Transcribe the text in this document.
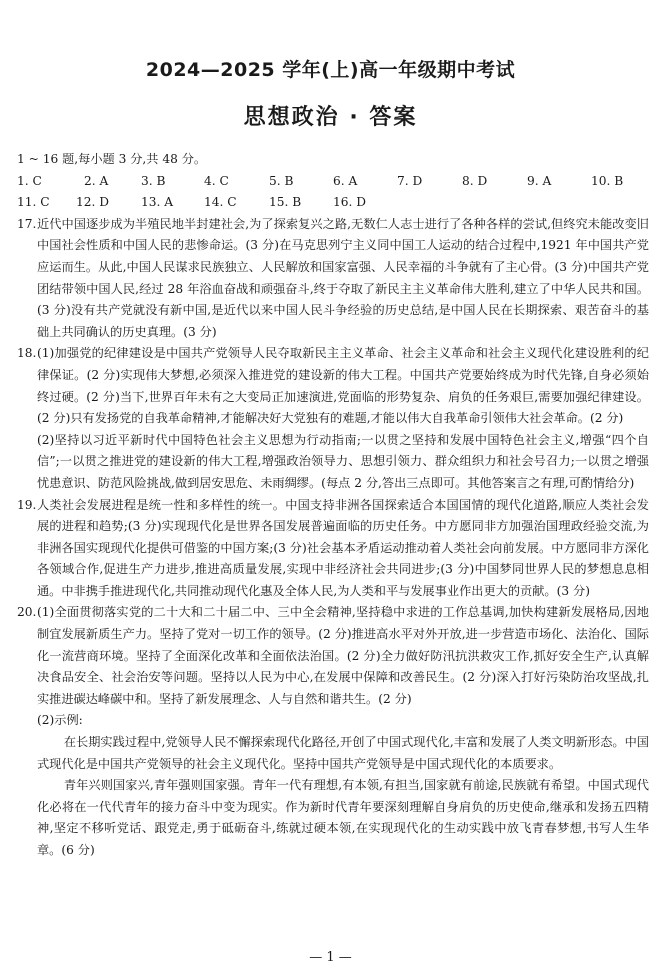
2024—2025 学年(上)高一年级期中考试
思想政治 · 答案
1 ~ 16 题,每小题 3 分,共 48 分。
1. C	2. A	3. B	4. C	5. B	6. A	7. D	8. D	9. A	10. B
11. C 12. D	13. A	14. C	15. B	16. D
17. 近代中国逐步成为半殖民地半封建社会,为了探索复兴之路,无数仁人志士进行了各种各样的尝试,但终究未能改变旧中国社会性质和中国人民的悲惨命运。(3 分)在马克思列宁主义同中国工人运动的结合过程中,1921 年中国共产党应运而生。从此,中国人民谋求民族独立、人民解放和国家富强、人民幸福的斗争就有了主心骨。(3 分)中国共产党团结带领中国人民,经过 28 年浴血奋战和顽强奋斗,终于夺取了新民主主义革命伟大胜利,建立了中华人民共和国。(3 分)没有共产党就没有新中国,是近代以来中国人民斗争经验的历史总结,是中国人民在长期探索、艰苦奋斗的基础上共同确认的历史真理。(3 分)

18. (1)加强党的纪律建设是中国共产党领导人民夺取新民主主义革命、社会主义革命和社会主义现代化建设胜利的纪律保证。(2 分)实现伟大梦想,必须深入推进党的建设新的伟大工程。中国共产党要始终成为时代先锋,自身必须始终过硬。(2 分)当下,世界百年未有之大变局正加速演进,党面临的形势复杂、肩负的任务艰巨,需要加强纪律建设。(2 分)只有发扬党的自我革命精神,才能解决好大党独有的难题,才能以伟大自我革命引领伟大社会革命。(2 分)

(2)坚持以习近平新时代中国特色社会主义思想为行动指南;一以贯之坚持和发展中国特色社会主义,增强“四个自信”;一以贯之推进党的建设新的伟大工程,增强政治领导力、思想引领力、群众组织力和社会号召力;一以贯之增强忧患意识、防范风险挑战,做到居安思危、未雨绸缪。(每点 2 分,答出三点即可。其他答案言之有理,可酌情给分)

19. 人类社会发展进程是统一性和多样性的统一。中国支持非洲各国探索适合本国国情的现代化道路,顺应人类社会发展的进程和趋势;(3 分)实现现代化是世界各国发展普遍面临的历史任务。中方愿同非方加强治国理政经验交流,为非洲各国实现现代化提供可借鉴的中国方案;(3 分)社会基本矛盾运动推动着人类社会向前发展。中方愿同非方深化各领域合作,促进生产力进步,推进高质量发展,实现中非经济社会共同进步;(3 分)中国梦同世界人民的梦想息息相通。中非携手推进现代化,共同推动现代化惠及全体人民,为人类和平与发展事业作出更大的贡献。(3 分)

20. (1)全面贯彻落实党的二十大和二十届二中、三中全会精神,坚持稳中求进的工作总基调,加快构建新发展格局,因地制宜发展新质生产力。坚持了党对一切工作的领导。(2 分)推进高水平对外开放,进一步营造市场化、法治化、国际化一流营商环境。坚持了全面深化改革和全面依法治国。(2 分)全力做好防汛抗洪救灾工作,抓好安全生产,认真解决食品安全、社会治安等问题。坚持以人民为中心,在发展中保障和改善民生。(2 分)深入打好污染防治攻坚战,扎实推进碳达峰碳中和。坚持了新发展理念、人与自然和谐共生。(2 分)

(2)示例:

在长期实践过程中,党领导人民不懈探索现代化路径,开创了中国式现代化,丰富和发展了人类文明新形态。中国式现代化是中国共产党领导的社会主义现代化。坚持中国共产党领导是中国式现代化的本质要求。

青年兴则国家兴,青年强则国家强。青年一代有理想,有本领,有担当,国家就有前途,民族就有希望。中国式现代化必将在一代代青年的接力奋斗中变为现实。作为新时代青年要深刻理解自身肩负的历史使命,继承和发扬五四精神,坚定不移听党话、跟党走,勇于砥砺奋斗,练就过硬本领,在实现现代化的生动实践中放飞青春梦想,书写人生华章。(6 分)

— 1 —
